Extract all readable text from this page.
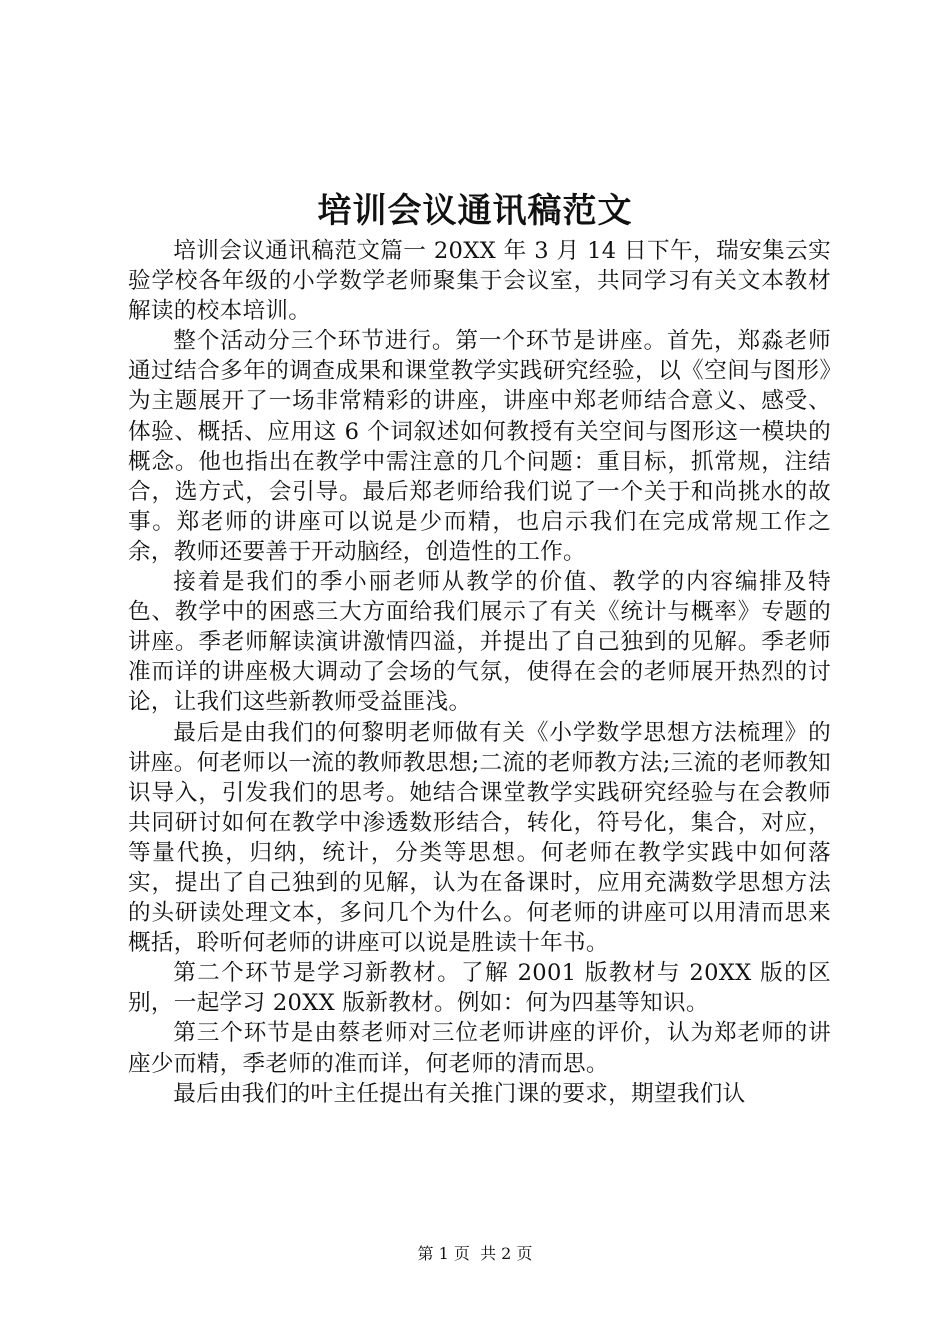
培训会议通讯稿范文

培训会议通讯稿范文篇一 20XX 年 3 月 14 日下午，瑞安集云实验学校各年级的小学数学老师聚集于会议室，共同学习有关文本教材解读的校本培训。

整个活动分三个环节进行。第一个环节是讲座。首先，郑淼老师通过结合多年的调查成果和课堂教学实践研究经验，以《空间与图形》为主题展开了一场非常精彩的讲座，讲座中郑老师结合意义、感受、体验、概括、应用这 6 个词叙述如何教授有关空间与图形这一模块的概念。他也指出在教学中需注意的几个问题：重目标，抓常规，注结合，选方式，会引导。最后郑老师给我们说了一个关于和尚挑水的故事。郑老师的讲座可以说是少而精，也启示我们在完成常规工作之余，教师还要善于开动脑经，创造性的工作。

接着是我们的季小丽老师从教学的价值、教学的内容编排及特色、教学中的困惑三大方面给我们展示了有关《统计与概率》专题的讲座。季老师解读演讲激情四溢，并提出了自己独到的见解。季老师准而详的讲座极大调动了会场的气氛，使得在会的老师展开热烈的讨论，让我们这些新教师受益匪浅。

最后是由我们的何黎明老师做有关《小学数学思想方法梳理》的讲座。何老师以一流的教师教思想;二流的老师教方法;三流的老师教知识导入，引发我们的思考。她结合课堂教学实践研究经验与在会教师共同研讨如何在教学中渗透数形结合，转化，符号化，集合，对应，等量代换，归纳，统计，分类等思想。何老师在教学实践中如何落实，提出了自己独到的见解，认为在备课时，应用充满数学思想方法的头研读处理文本，多问几个为什么。何老师的讲座可以用清而思来概括，聆听何老师的讲座可以说是胜读十年书。

第二个环节是学习新教材。了解 2001 版教材与 20XX 版的区别，一起学习 20XX 版新教材。例如：何为四基等知识。

第三个环节是由蔡老师对三位老师讲座的评价，认为郑老师的讲座少而精，季老师的准而详，何老师的清而思。

最后由我们的叶主任提出有关推门课的要求，期望我们认

第 1 页  共 2 页
